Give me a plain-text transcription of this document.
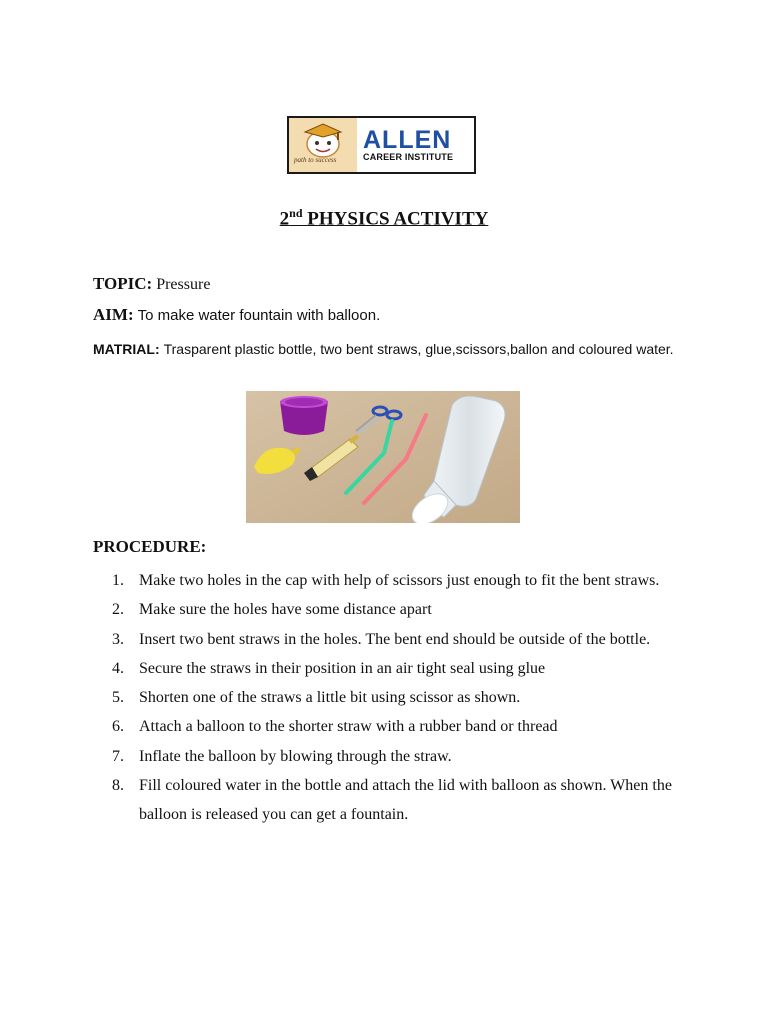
path to success
ALLEN
CAREER INSTITUTE
2nd PHYSICS ACTIVITY
TOPIC: Pressure
AIM: To make water fountain with balloon.
MATRIAL: Trasparent plastic bottle, two bent straws, glue,scissors,ballon and coloured water.
PROCEDURE:
1. Make two holes in the cap with help of scissors just enough to fit the bent straws.
2. Make sure the holes have some distance apart
3. Insert two bent straws in the holes. The bent end should be outside of the bottle.
4. Secure the straws in their position in an air tight seal using glue
5. Shorten one of the straws a little bit using scissor as shown.
6. Attach a balloon to the shorter straw with a rubber band or thread
7. Inflate the balloon by blowing through the straw.
8. Fill coloured water in the bottle and attach the lid with balloon as shown. When the balloon is released you can get a fountain.
